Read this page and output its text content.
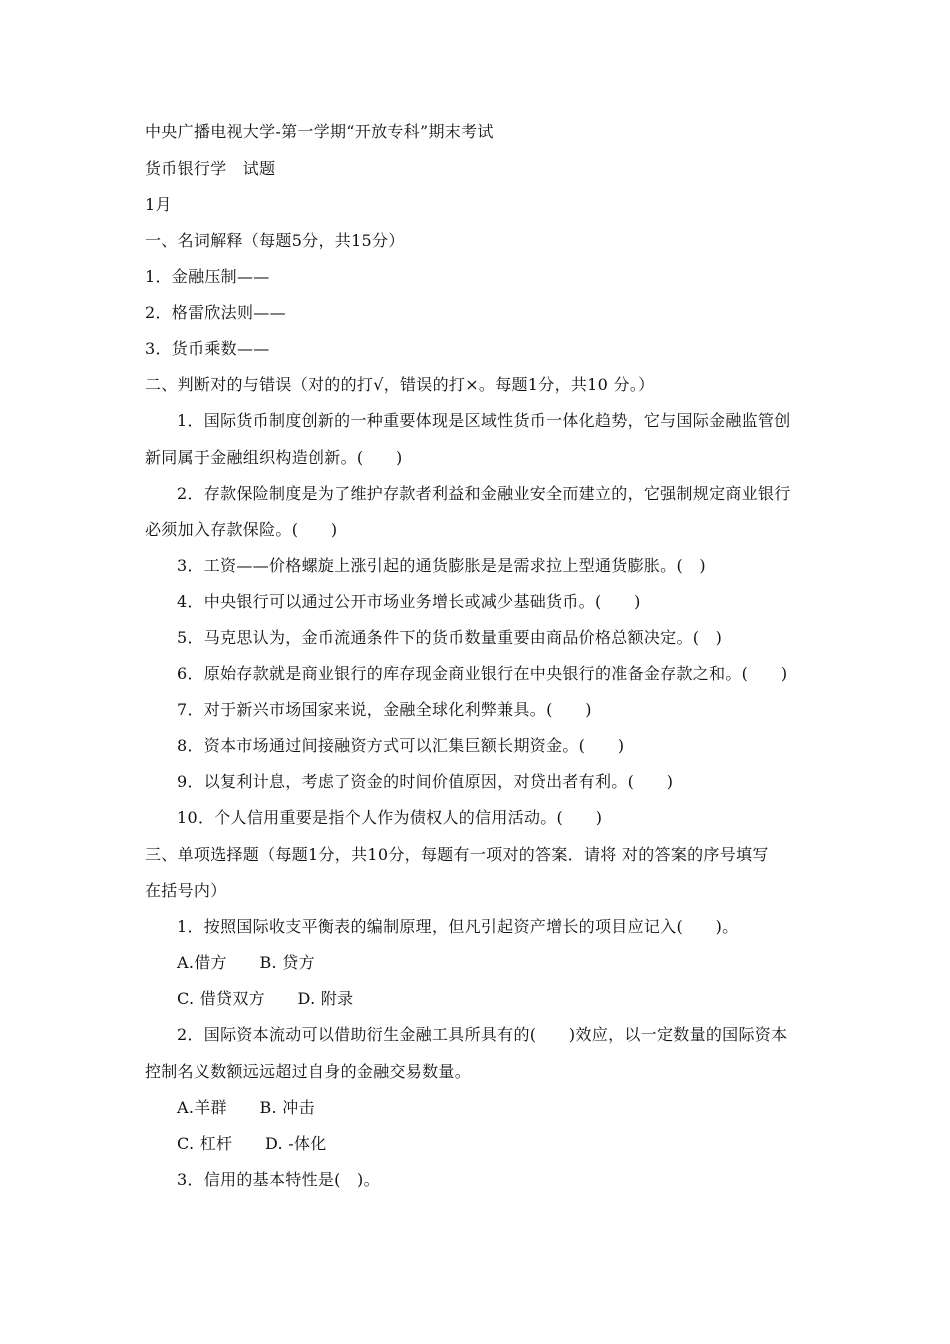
中央广播电视大学-第一学期“开放专科”期末考试
货币银行学　试题
1月
一、名词解释（每题5分，共15分）
1．金融压制——
2．格雷欣法则——
3．货币乘数——
二、判断对的与错误（对的的打√，错误的打×。每题1分，共10 分。）
1．国际货币制度创新的一种重要体现是区域性货币一体化趋势，它与国际金融监管创
新同属于金融组织构造创新。(　　)
2．存款保险制度是为了维护存款者利益和金融业安全而建立的，它强制规定商业银行
必须加入存款保险。(　　)
3．工资——价格螺旋上涨引起的通货膨胀是是需求拉上型通货膨胀。(　)
4．中央银行可以通过公开市场业务增长或减少基础货币。(　　)
5．马克思认为，金币流通条件下的货币数量重要由商品价格总额决定。(　)
6．原始存款就是商业银行的库存现金商业银行在中央银行的准备金存款之和。(　　)
7．对于新兴市场国家来说，金融全球化利弊兼具。(　　)
8．资本市场通过间接融资方式可以汇集巨额长期资金。(　　)
9．以复利计息，考虑了资金的时间价值原因，对贷出者有利。(　　)
10．个人信用重要是指个人作为债权人的信用活动。(　　)
三、单项选择题（每题1分，共10分，每题有一项对的答案．请将 对的答案的序号填写
在括号内）
1．按照国际收支平衡表的编制原理，但凡引起资产增长的项目应记入(　　)。
A.借方　　B. 贷方
C. 借贷双方　　D. 附录
2．国际资本流动可以借助衍生金融工具所具有的(　　)效应，以一定数量的国际资本
控制名义数额远远超过自身的金融交易数量。
A.羊群　　B. 冲击
C. 杠杆　　D. -体化
3．信用的基本特性是(　)。
